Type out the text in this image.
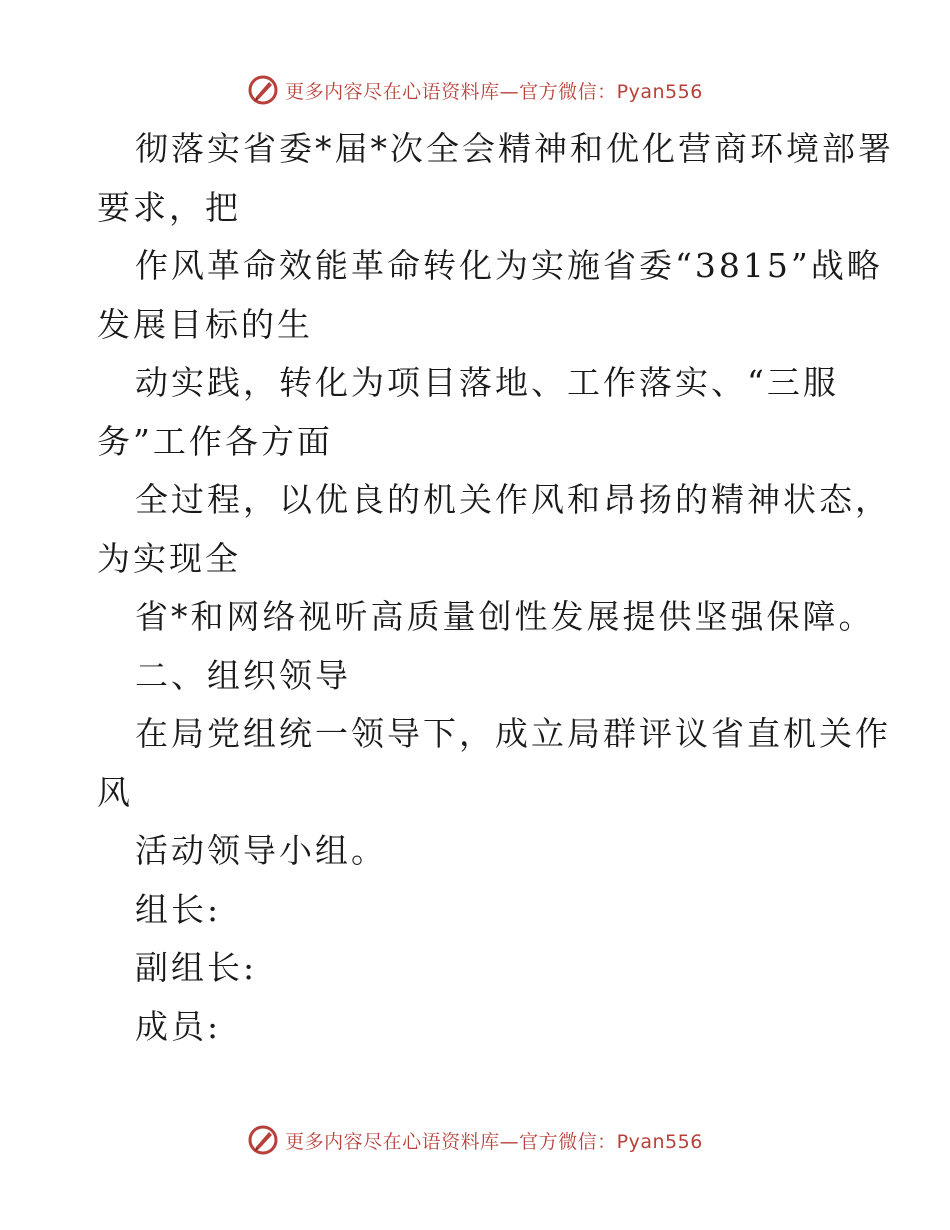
更多内容尽在心语资料库—官方微信：Pyan556
彻落实省委*届*次全会精神和优化营商环境部署
要求，把
作风革命效能革命转化为实施省委“3815”战略
发展目标的生
动实践，转化为项目落地、工作落实、“三服
务”工作各方面
全过程，以优良的机关作风和昂扬的精神状态，
为实现全
省*和网络视听高质量创性发展提供坚强保障。
二、组织领导
在局党组统一领导下，成立局群评议省直机关作
风
活动领导小组。
组长:
副组长:
成员:
更多内容尽在心语资料库—官方微信：Pyan556
